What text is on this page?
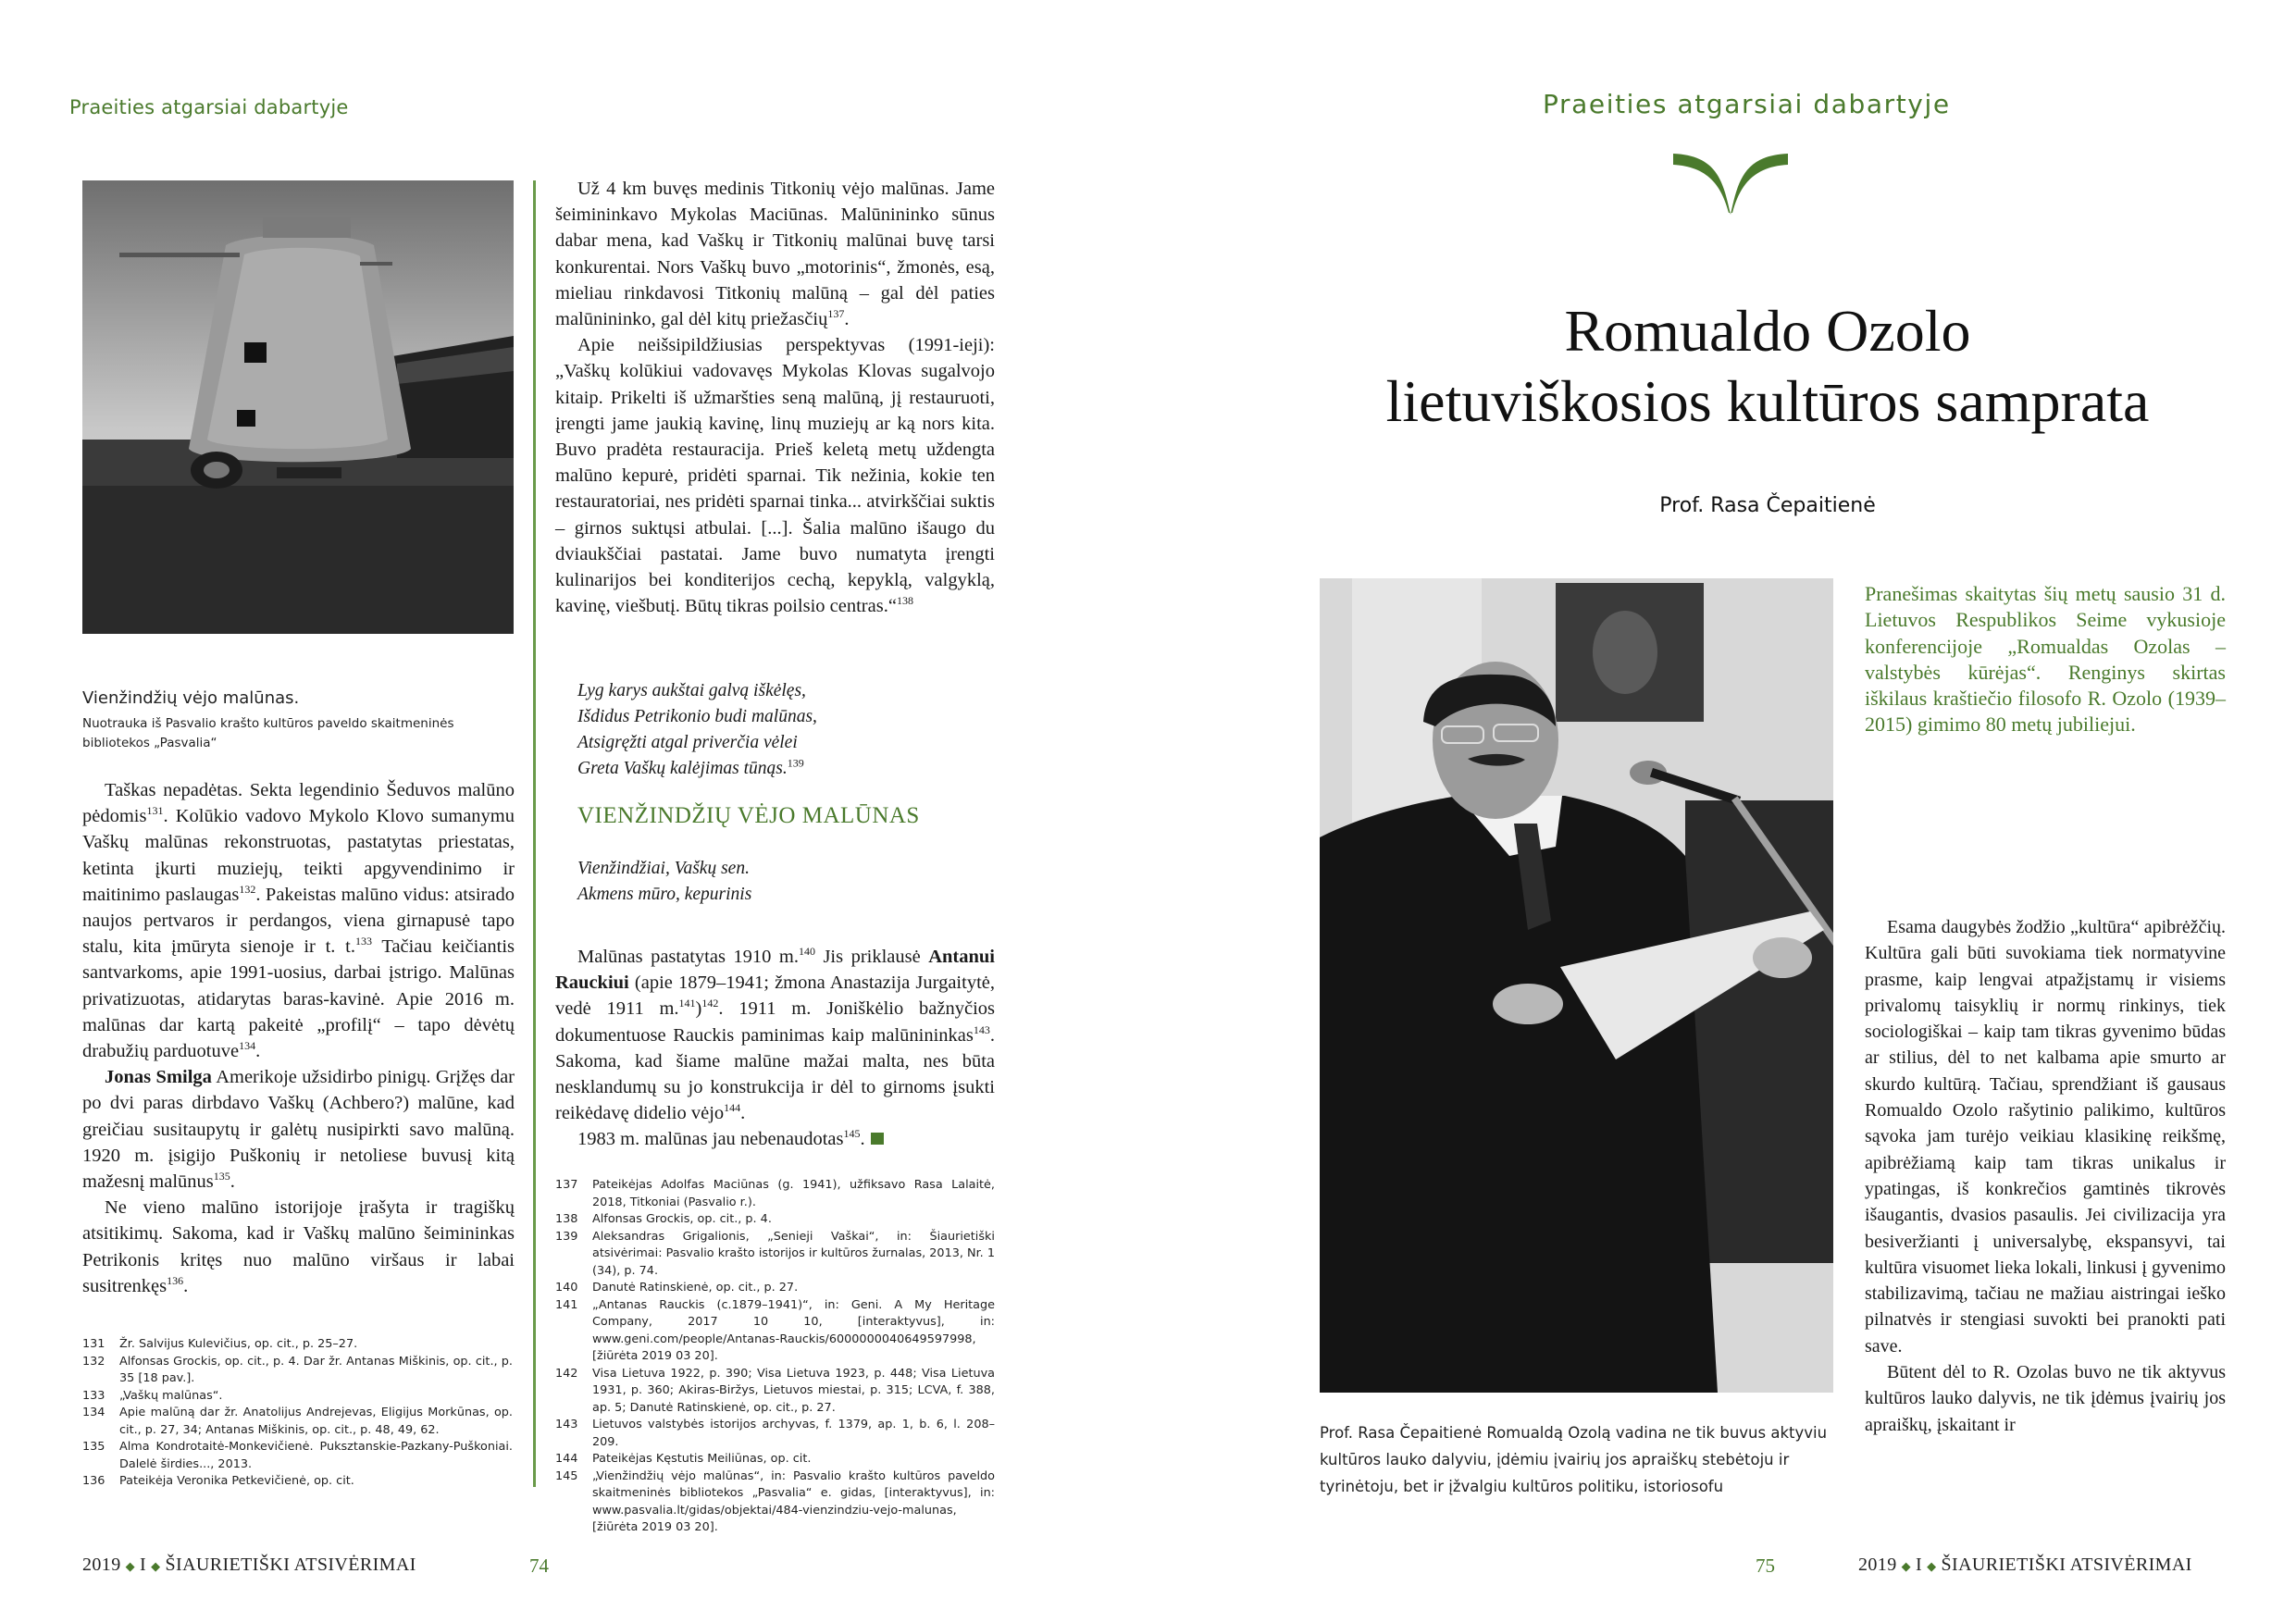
Praeities atgarsiai dabartyje
Vienžindžių vėjo malūnas.
Nuotrauka iš Pasvalio krašto kultūros paveldo skaitmeninės bibliotekos „Pasvalia“

Taškas nepadėtas. Sekta legendinio Šeduvos malūno pėdomis$^{131}$. Kolūkio vadovo Mykolo Klovo sumanymu Vaškų malūnas rekonstruotas, pastatytas priestatas, ketinta įkurti muziejų, teikti apgyvendinimo ir maitinimo paslaugas$^{132}$. Pakeistas malūno vidus: atsirado naujos pertvaros ir perdangos, viena girnapusė tapo stalu, kita įmūryta sienoje ir t. t.$^{133}$ Tačiau keičiantis santvarkoms, apie 1991-uosius, darbai įstrigo. Malūnas privatizuotas, atidarytas baras-kavinė. Apie 2016 m. malūnas dar kartą pakeitė „profilį“ – tapo dėvėtų drabužių parduotuve$^{134}$.

Jonas Smilga Amerikoje užsidirbo pinigų. Grįžęs dar po dvi paras dirbdavo Vaškų (Achbero?) malūne, kad greičiau susitaupytų ir galėtų nusipirkti savo malūną. 1920 m. įsigijo Puškonių ir netoliese buvusį kitą mažesnį malūnus$^{135}$.

Ne vieno malūno istorijoje įrašyta ir tragiškų atsitikimų. Sakoma, kad ir Vaškų malūno šeimininkas Petrikonis kritęs nuo malūno viršaus ir labai susitrenkęs$^{136}$.

131	Žr. Salvijus Kulevičius, op. cit., p. 25–27.
132	Alfonsas Grockis, op. cit., p. 4. Dar žr. Antanas Miškinis, op. cit., p. 35 [18 pav.].
133	„Vaškų malūnas“.
134	Apie malūną dar žr. Anatolijus Andrejevas, Eligijus Morkūnas, op. cit., p. 27, 34; Antanas Miškinis, op. cit., p. 48, 49, 62.
135	Alma Kondrotaitė-Monkevičienė. Puksztanskie-Pazkany-Puškoniai. Dalelė širdies..., 2013.
136	Pateikėja Veronika Petkevičienė, op. cit.

Už 4 km buvęs medinis Titkonių vėjo malūnas. Jame šeimininkavo Mykolas Maciūnas. Malūnininko sūnus dabar mena, kad Vaškų ir Titkonių malūnai buvę tarsi konkurentai. Nors Vaškų buvo „motorinis“, žmonės, esą, mieliau rinkdavosi Titkonių malūną – gal dėl paties malūnininko, gal dėl kitų priežasčių$^{137}$.

Apie neišsipildžiusias perspektyvas (1991-ieji): „Vaškų kolūkiui vadovavęs Mykolas Klovas sugalvojo kitaip. Prikelti iš užmaršties seną malūną, jį restauruoti, įrengti jame jaukią kavinę, linų muziejų ar ką nors kita. Buvo pradėta restauracija. Prieš keletą metų uždengta malūno kepurė, pridėti sparnai. Tik nežinia, kokie ten restauratoriai, nes pridėti sparnai tinka... atvirkščiai suktis – girnos suktųsi atbulai. [...]. Šalia malūno išaugo du dviaukščiai pastatai. Jame buvo numatyta įrengti kulinarijos bei konditerijos cechą, kepyklą, valgyklą, kavinę, viešbutį. Būtų tikras poilsio centras.“$^{138}$

Lyg karys aukštai galvą iškėlęs,
Išdidus Petrikonio budi malūnas,
Atsigręžti atgal priverčia vėlei
Greta Vaškų kalėjimas tūnąs.$^{139}$
VIENŽINDŽIŲ VĖJO MALŪNAS
Vienžindžiai, Vaškų sen.
Akmens mūro, kepurinis

Malūnas pastatytas 1910 m.$^{140}$ Jis priklausė Antanui Rauckiui (apie 1879–1941; žmona Anastazija Jurgaitytė, vedė 1911 m.$^{141}$)$^{142}$. 1911 m. Joniškėlio bažnyčios dokumentuose Rauckis paminimas kaip malūnininkas$^{143}$. Sakoma, kad šiame malūne mažai malta, nes būta nesklandumų su jo konstrukcija ir dėl to girnoms įsukti reikėdavę didelio vėjo$^{144}$.

1983 m. malūnas jau nebenaudotas$^{145}$.

137	Pateikėjas Adolfas Maciūnas (g. 1941), užfiksavo Rasa Lalaitė, 2018, Titkoniai (Pasvalio r.).
138	Alfonsas Grockis, op. cit., p. 4.
139	Aleksandras Grigalionis, „Senieji Vaškai“, in: Šiaurietiški atsivėrimai: Pasvalio krašto istorijos ir kultūros žurnalas, 2013, Nr. 1 (34), p. 74.
140	Danutė Ratinskienė, op. cit., p. 27.
141	„Antanas Rauckis (c.1879–1941)“, in: Geni. A My Heritage Company, 2017 10 10, [interaktyvus], in: www.geni.com/people/Antanas-Rauckis/6000000040649597998, [žiūrėta 2019 03 20].
142	Visa Lietuva 1922, p. 390; Visa Lietuva 1923, p. 448; Visa Lietuva 1931, p. 360; Akiras-Biržys, Lietuvos miestai, p. 315; LCVA, f. 388, ap. 5; Danutė Ratinskienė, op. cit., p. 27.
143	Lietuvos valstybės istorijos archyvas, f. 1379, ap. 1, b. 6, l. 208–209.
144	Pateikėjas Kęstutis Meiliūnas, op. cit.
145	„Vienžindžių vėjo malūnas“, in: Pasvalio krašto kultūros paveldo skaitmeninės bibliotekos „Pasvalia“ e. gidas, [interaktyvus], in: www.pasvalia.lt/gidas/objektai/484-vienzindziu-vejo-malunas, [žiūrėta 2019 03 20].
2019 ◆ I ◆ ŠIAURIETIŠKI ATSIVĖRIMAI	74
Praeities atgarsiai dabartyje
Romualdo Ozolo
lietuviškosios kultūros samprata
Prof. Rasa Čepaitienė
Prof. Rasa Čepaitienė Romualdą Ozolą vadina ne tik buvus aktyviu kultūros lauko dalyviu, įdėmiu įvairių jos apraiškų stebėtoju ir tyrinėtoju, bet ir įžvalgiu kultūros politiku, istoriosofu
Pranešimas skaitytas šių metų sausio 31 d. Lietuvos Respublikos Seime vykusioje konferencijoje „Romualdas Ozolas – valstybės kūrėjas“. Renginys skirtas iškilaus kraštiečio filosofo R. Ozolo (1939–2015) gimimo 80 metų jubiliejui.

Esama daugybės žodžio „kultūra“ apibrėžčių. Kultūra gali būti suvokiama tiek normatyvine prasme, kaip lengvai atpažįstamų ir visiems privalomų taisyklių ir normų rinkinys, tiek sociologiškai – kaip tam tikras gyvenimo būdas ar stilius, dėl to net kalbama apie smurto ar skurdo kultūrą. Tačiau, sprendžiant iš gausaus Romualdo Ozolo rašytinio palikimo, kultūros sąvoka jam turėjo veikiau klasikinę reikšmę, apibrėžiamą kaip tam tikras unikalus ir ypatingas, iš konkrečios gamtinės tikrovės išaugantis, dvasios pasaulis. Jei civilizacija yra besiveržianti į universalybę, ekspansyvi, tai kultūra visuomet lieka lokali, linkusi į gyvenimo stabilizavimą, tačiau ne mažiau aistringai ieško pilnatvės ir stengiasi suvokti bei pranokti pati save.

Būtent dėl to R. Ozolas buvo ne tik aktyvus kultūros lauko dalyvis, ne tik įdėmus įvairių jos apraiškų, įskaitant ir

75	2019 ◆ I ◆ ŠIAURIETIŠKI ATSIVĖRIMAI
